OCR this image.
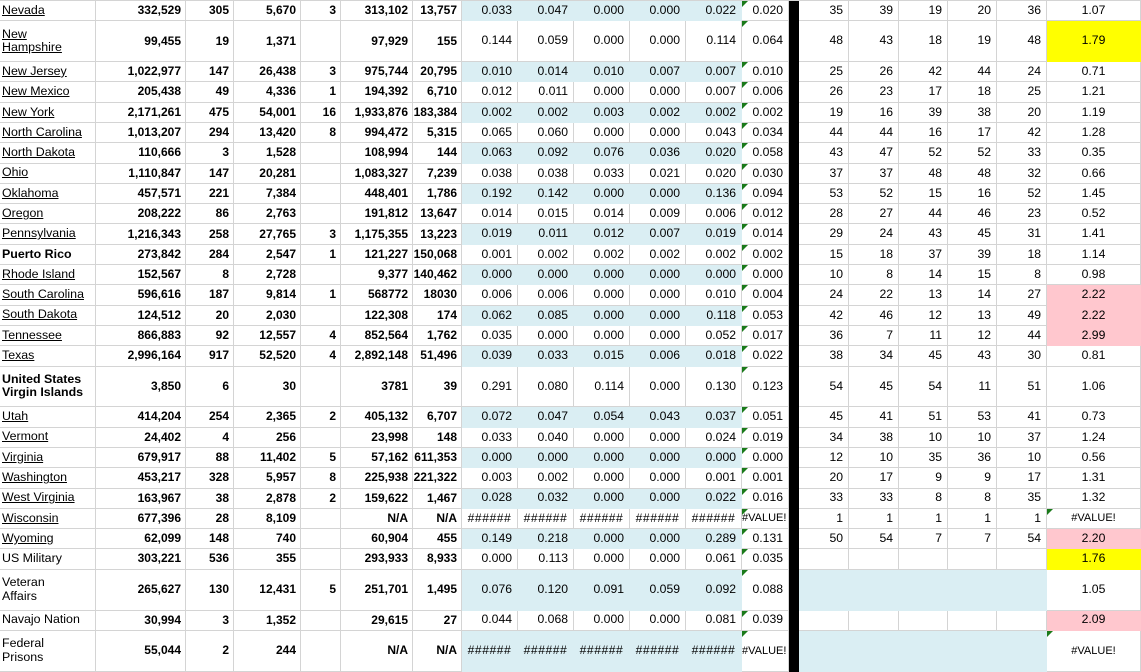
Nevada	332,529	305	5,670	3	313,102	13,757	0.033	0.047	0.000	0.000	0.022	0.020		35	39	19	20	36	1.07

New
Hampshire	99,455	19	1,371		97,929	155	0.144	0.059	0.000	0.000	0.114	0.064		48	43	18	19	48	1.79

New Jersey	1,022,977	147	26,438	3	975,744	20,795	0.010	0.014	0.010	0.007	0.007	0.010		25	26	42	44	24	0.71

New Mexico	205,438	49	4,336	1	194,392	6,710	0.012	0.011	0.000	0.000	0.007	0.006		26	23	17	18	25	1.21

New York	2,171,261	475	54,001	16	1,933,876	183,384	0.002	0.002	0.003	0.002	0.002	0.002		19	16	39	38	20	1.19

North Carolina	1,013,207	294	13,420	8	994,472	5,315	0.065	0.060	0.000	0.000	0.043	0.034		44	44	16	17	42	1.28

North Dakota	110,666	3	1,528		108,994	144	0.063	0.092	0.076	0.036	0.020	0.058		43	47	52	52	33	0.35

Ohio	1,110,847	147	20,281		1,083,327	7,239	0.038	0.038	0.033	0.021	0.020	0.030		37	37	48	48	32	0.66

Oklahoma	457,571	221	7,384		448,401	1,786	0.192	0.142	0.000	0.000	0.136	0.094		53	52	15	16	52	1.45

Oregon	208,222	86	2,763		191,812	13,647	0.014	0.015	0.014	0.009	0.006	0.012		28	27	44	46	23	0.52

Pennsylvania	1,216,343	258	27,765	3	1,175,355	13,223	0.019	0.011	0.012	0.007	0.019	0.014		29	24	43	45	31	1.41

Puerto Rico	273,842	284	2,547	1	121,227	150,068	0.001	0.002	0.002	0.002	0.002	0.002		15	18	37	39	18	1.14

Rhode Island	152,567	8	2,728		9,377	140,462	0.000	0.000	0.000	0.000	0.000	0.000		10	8	14	15	8	0.98

South Carolina	596,616	187	9,814	1	568772	18030	0.006	0.006	0.000	0.000	0.010	0.004		24	22	13	14	27	2.22

South Dakota	124,512	20	2,030		122,308	174	0.062	0.085	0.000	0.000	0.118	0.053		42	46	12	13	49	2.22

Tennessee	866,883	92	12,557	4	852,564	1,762	0.035	0.000	0.000	0.000	0.052	0.017		36	7	11	12	44	2.99

Texas	2,996,164	917	52,520	4	2,892,148	51,496	0.039	0.033	0.015	0.006	0.018	0.022		38	34	45	43	30	0.81

United States
Virgin Islands	3,850	6	30		3781	39	0.291	0.080	0.114	0.000	0.130	0.123		54	45	54	11	51	1.06

Utah	414,204	254	2,365	2	405,132	6,707	0.072	0.047	0.054	0.043	0.037	0.051		45	41	51	53	41	0.73

Vermont	24,402	4	256		23,998	148	0.033	0.040	0.000	0.000	0.024	0.019		34	38	10	10	37	1.24

Virginia	679,917	88	11,402	5	57,162	611,353	0.000	0.000	0.000	0.000	0.000	0.000		12	10	35	36	10	0.56

Washington	453,217	328	5,957	8	225,938	221,322	0.003	0.002	0.000	0.000	0.001	0.001		20	17	9	9	17	1.31

West Virginia	163,967	38	2,878	2	159,622	1,467	0.028	0.032	0.000	0.000	0.022	0.016		33	33	8	8	35	1.32

Wisconsin	677,396	28	8,109		N/A	N/A	######	######	######	######	######	#VALUE!		1	1	1	1	1	#VALUE!

Wyoming	62,099	148	740		60,904	455	0.149	0.218	0.000	0.000	0.289	0.131		50	54	7	7	54	2.20

US Military	303,221	536	355		293,933	8,933	0.000	0.113	0.000	0.000	0.061	0.035							1.76

Veteran
Affairs	265,627	130	12,431	5	251,701	1,495	0.076	0.120	0.091	0.059	0.092	0.088							1.05

Navajo Nation	30,994	3	1,352		29,615	27	0.044	0.068	0.000	0.000	0.081	0.039							2.09

Federal
Prisons	55,044	2	244		N/A	N/A	######	######	######	######	######	#VALUE!							#VALUE!
